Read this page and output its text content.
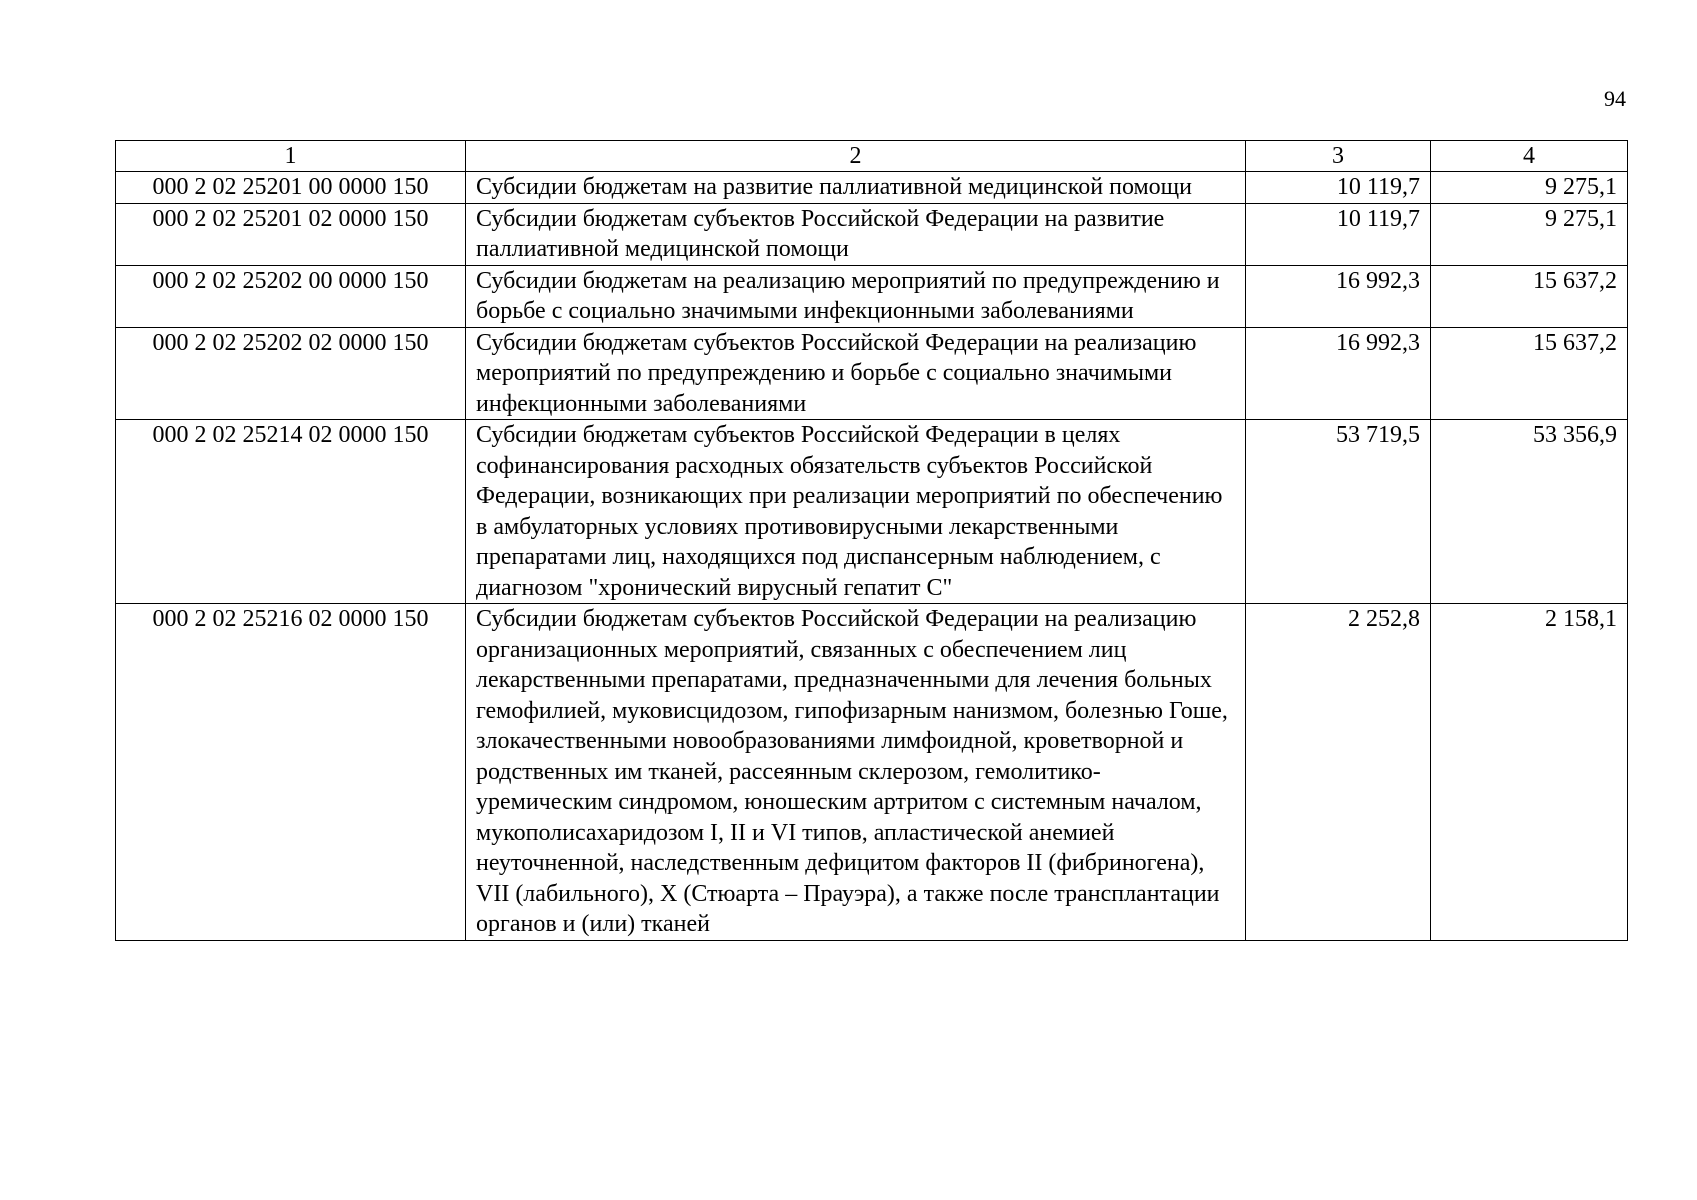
94
1	2	3	4
000 2 02 25201 00 0000 150	Субсидии бюджетам на развитие паллиативной медицинской помощи	10 119,7	9 275,1
000 2 02 25201 02 0000 150	Субсидии бюджетам субъектов Российской Федерации на развитие паллиативной медицинской помощи	10 119,7	9 275,1
000 2 02 25202 00 0000 150	Субсидии бюджетам на реализацию мероприятий по предупреждению и борьбе с социально значимыми инфекционными заболеваниями	16 992,3	15 637,2
000 2 02 25202 02 0000 150	Субсидии бюджетам субъектов Российской Федерации на реализацию мероприятий по предупреждению и борьбе с социально значимыми инфекционными заболеваниями	16 992,3	15 637,2
000 2 02 25214 02 0000 150	Субсидии бюджетам субъектов Российской Федерации в целях софинансирования расходных обязательств субъектов Российской Федерации, возникающих при реализации мероприятий по обеспечению в амбулаторных условиях противовирусными лекарственными препаратами лиц, находящихся под диспансерным наблюдением, с диагнозом "хронический вирусный гепатит С"	53 719,5	53 356,9
000 2 02 25216 02 0000 150	Субсидии бюджетам субъектов Российской Федерации на реализацию организационных мероприятий, связанных с обеспечением лиц лекарственными препаратами, предназначенными для лечения больных гемофилией, муковисцидозом, гипофизарным нанизмом, болезнью Гоше, злокачественными новообразованиями лимфоидной, кроветворной и родственных им тканей, рассеянным склерозом, гемолитико-уремическим синдромом, юношеским артритом с системным началом, мукополисахаридозом I, II и VI типов, апластической анемией неуточненной, наследственным дефицитом факторов II (фибриногена), VII (лабильного), X (Стюарта – Прауэра), а также после трансплантации органов и (или) тканей	2 252,8	2 158,1
